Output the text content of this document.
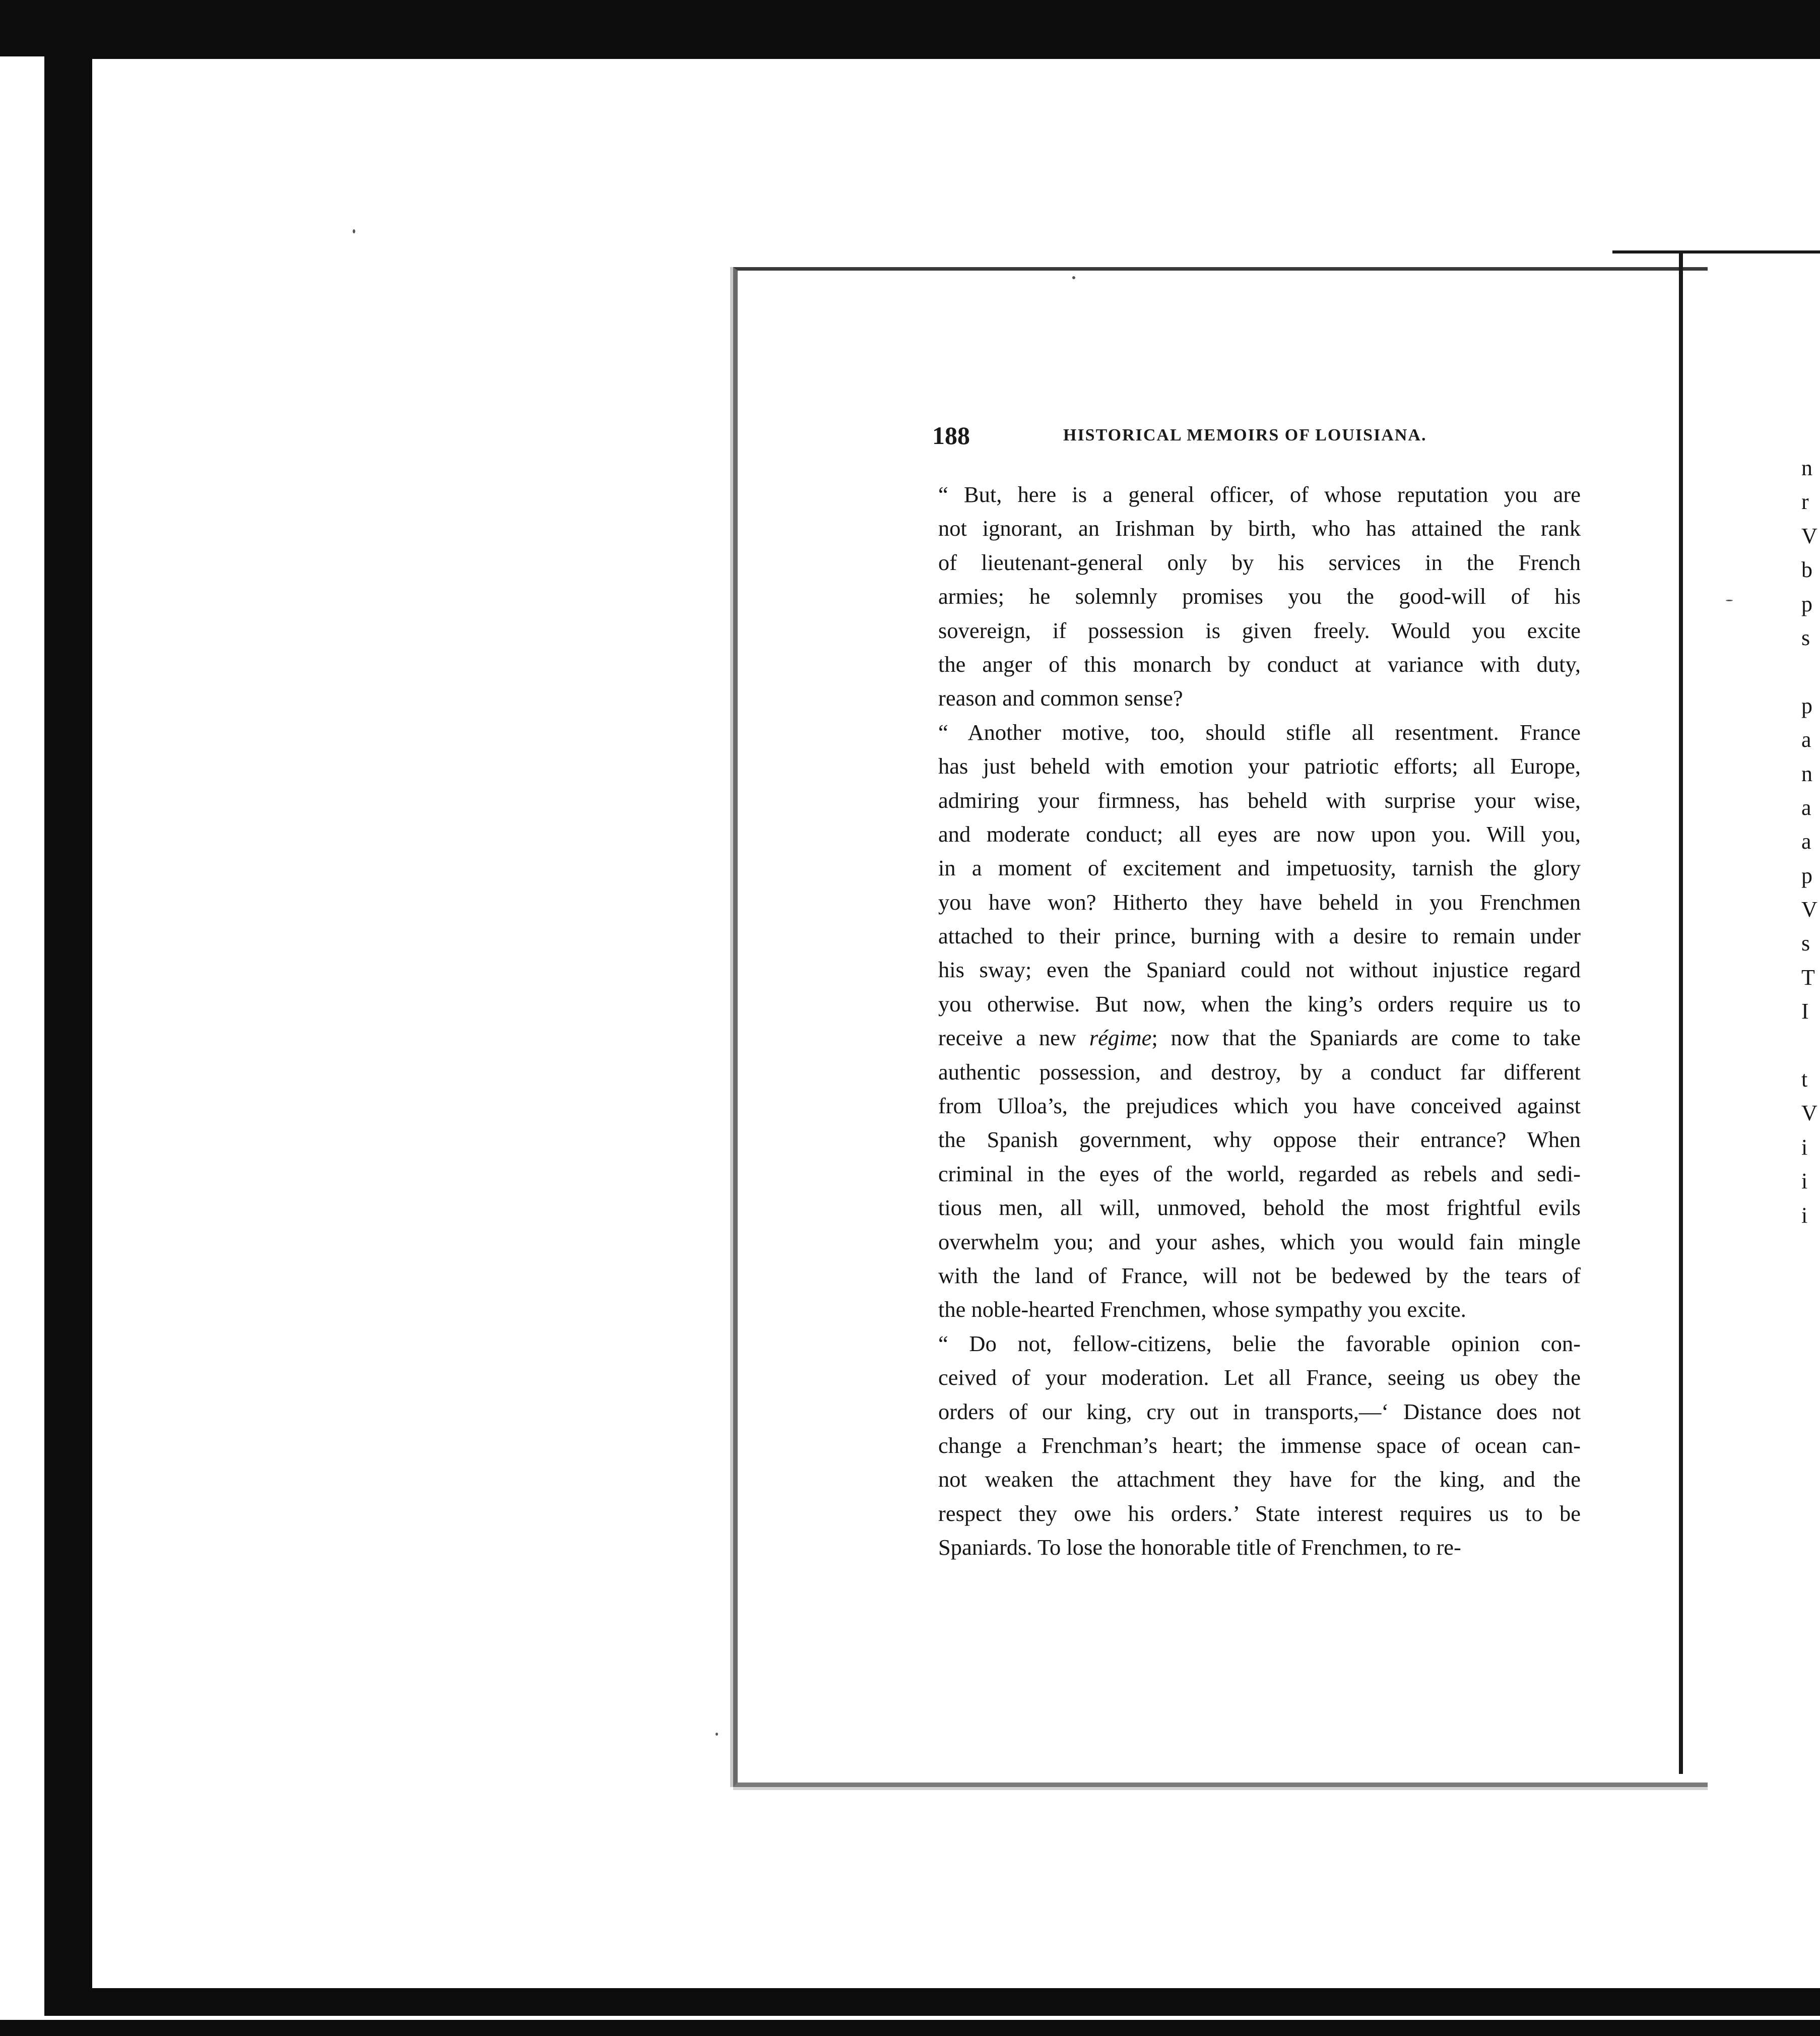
188	HISTORICAL MEMOIRS OF LOUISIANA.
“ But, here is a general officer, of whose reputation you are
not ignorant, an Irishman by birth, who has attained the rank
of lieutenant-general only by his services in the French
armies; he solemnly promises you the good-will of his
sovereign, if possession is given freely. Would you excite
the anger of this monarch by conduct at variance with duty,
reason and common sense?
“ Another motive, too, should stifle all resentment. France
has just beheld with emotion your patriotic efforts; all Europe,
admiring your firmness, has beheld with surprise your wise,
and moderate conduct; all eyes are now upon you. Will you,
in a moment of excitement and impetuosity, tarnish the glory
you have won? Hitherto they have beheld in you Frenchmen
attached to their prince, burning with a desire to remain under
his sway; even the Spaniard could not without injustice regard
you otherwise. But now, when the king’s orders require us to
receive a new régime; now that the Spaniards are come to take
authentic possession, and destroy, by a conduct far different
from Ulloa’s, the prejudices which you have conceived against
the Spanish government, why oppose their entrance? When
criminal in the eyes of the world, regarded as rebels and sedi-
tious men, all will, unmoved, behold the most frightful evils
overwhelm you; and your ashes, which you would fain mingle
with the land of France, will not be bedewed by the tears of
the noble-hearted Frenchmen, whose sympathy you excite.
“ Do not, fellow-citizens, belie the favorable opinion con-
ceived of your moderation. Let all France, seeing us obey the
orders of our king, cry out in transports,—‘ Distance does not
change a Frenchman’s heart; the immense space of ocean can-
not weaken the attachment they have for the king, and the
respect they owe his orders.’ State interest requires us to be
Spaniards. To lose the honorable title of Frenchmen, to re-
n
r
V
b
p
s
p
a
n
a
a
p
V
s
T
I
t
V
i
i
i
